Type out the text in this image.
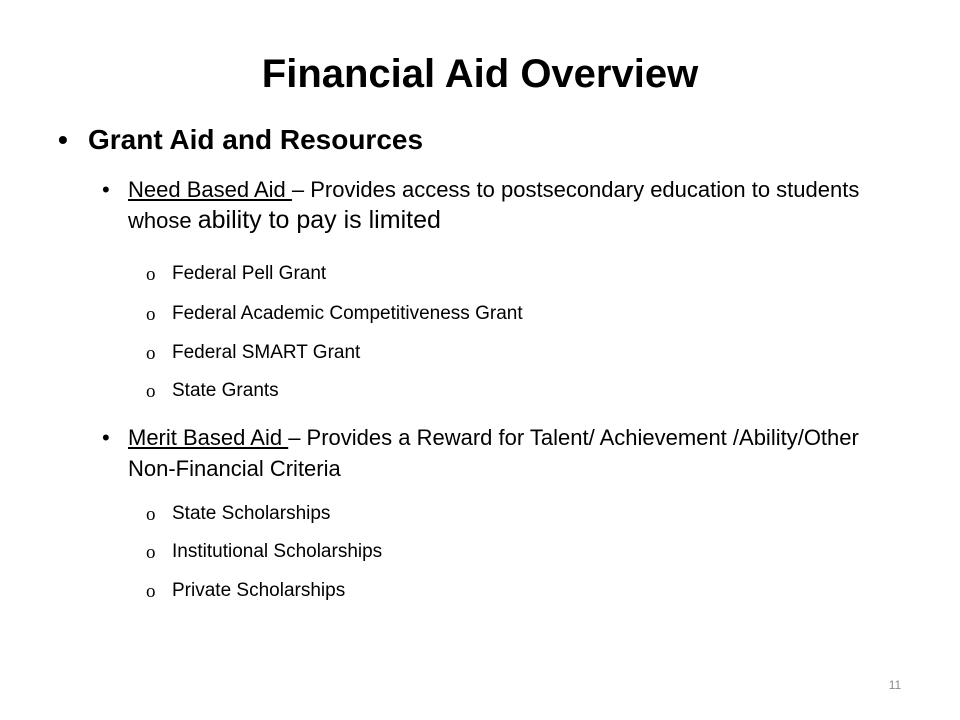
Financial Aid Overview
• Grant Aid and Resources
• Need Based Aid – Provides access to postsecondary education to students whose ability to pay is limited
o Federal Pell Grant
o Federal Academic Competitiveness Grant
o Federal SMART Grant
o State Grants
• Merit Based Aid – Provides a Reward for Talent/ Achievement /Ability/Other Non-Financial Criteria
o State Scholarships
o Institutional Scholarships
o Private Scholarships
11
